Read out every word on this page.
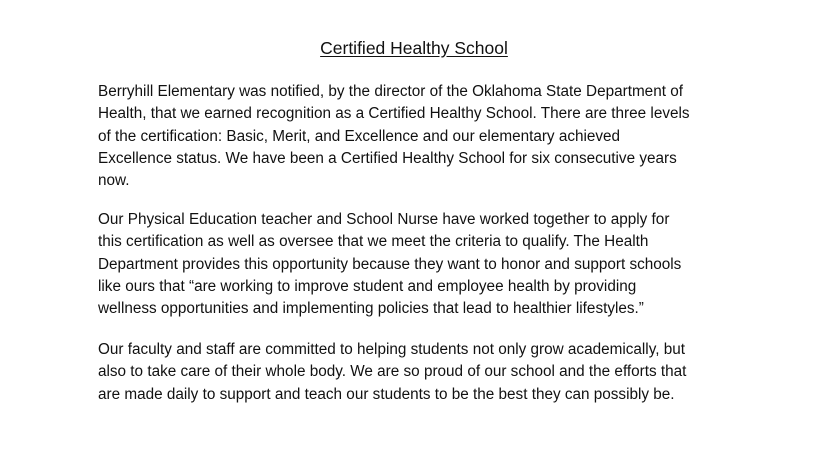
Certified Healthy School

Berryhill Elementary was notified, by the director of the Oklahoma State Department of
Health, that we earned recognition as a Certified Healthy School. There are three levels
of the certification: Basic, Merit, and Excellence and our elementary achieved
Excellence status. We have been a Certified Healthy School for six consecutive years
now.

Our Physical Education teacher and School Nurse have worked together to apply for
this certification as well as oversee that we meet the criteria to qualify. The Health
Department provides this opportunity because they want to honor and support schools
like ours that “are working to improve student and employee health by providing
wellness opportunities and implementing policies that lead to healthier lifestyles.”

Our faculty and staff are committed to helping students not only grow academically, but
also to take care of their whole body. We are so proud of our school and the efforts that
are made daily to support and teach our students to be the best they can possibly be.
